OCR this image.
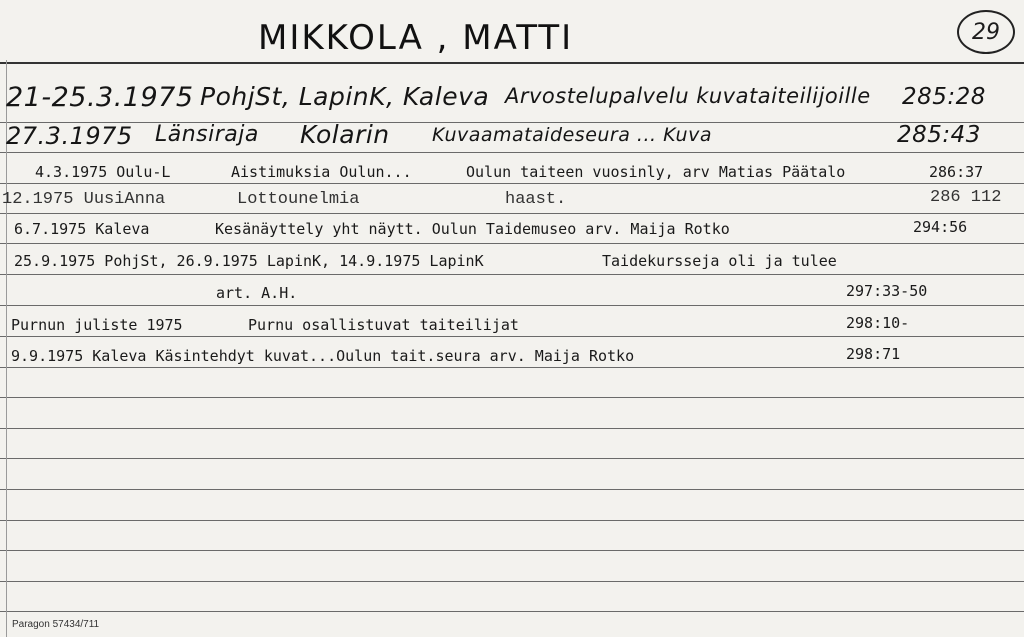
MIKKOLA , MATTI	29
21-25.3.1975 PohjSt, LapinK, Kaleva Arvostelupalvelu kuvataiteilijoille 285:28
27.3.1975 Länsiraja Kolarin Kuvaamataideseura ... Kuva	285:43
4.3.1975 Oulu-L	Aistimuksia Oulun...	Oulun taiteen vuosinly, arv Matias Päätalo	286:37
12.1975 UusiAnna	Lottounelmia	haast.	286 112
6.7.1975 Kaleva	Kesänäyttely yht näytt. Oulun Taidemuseo arv. Maija Rotko	294:56
25.9.1975 PohjSt, 26.9.1975 LapinK, 14.9.1975 LapinK	Taidekursseja oli ja tulee
art. A.H.	297:33-50
Purnun juliste 1975	Purnu osallistuvat taiteilijat	298:10-
9.9.1975 Kaleva Käsintehdyt kuvat...Oulun tait.seura arv. Maija Rotko	298:71
Paragon 57434/711
